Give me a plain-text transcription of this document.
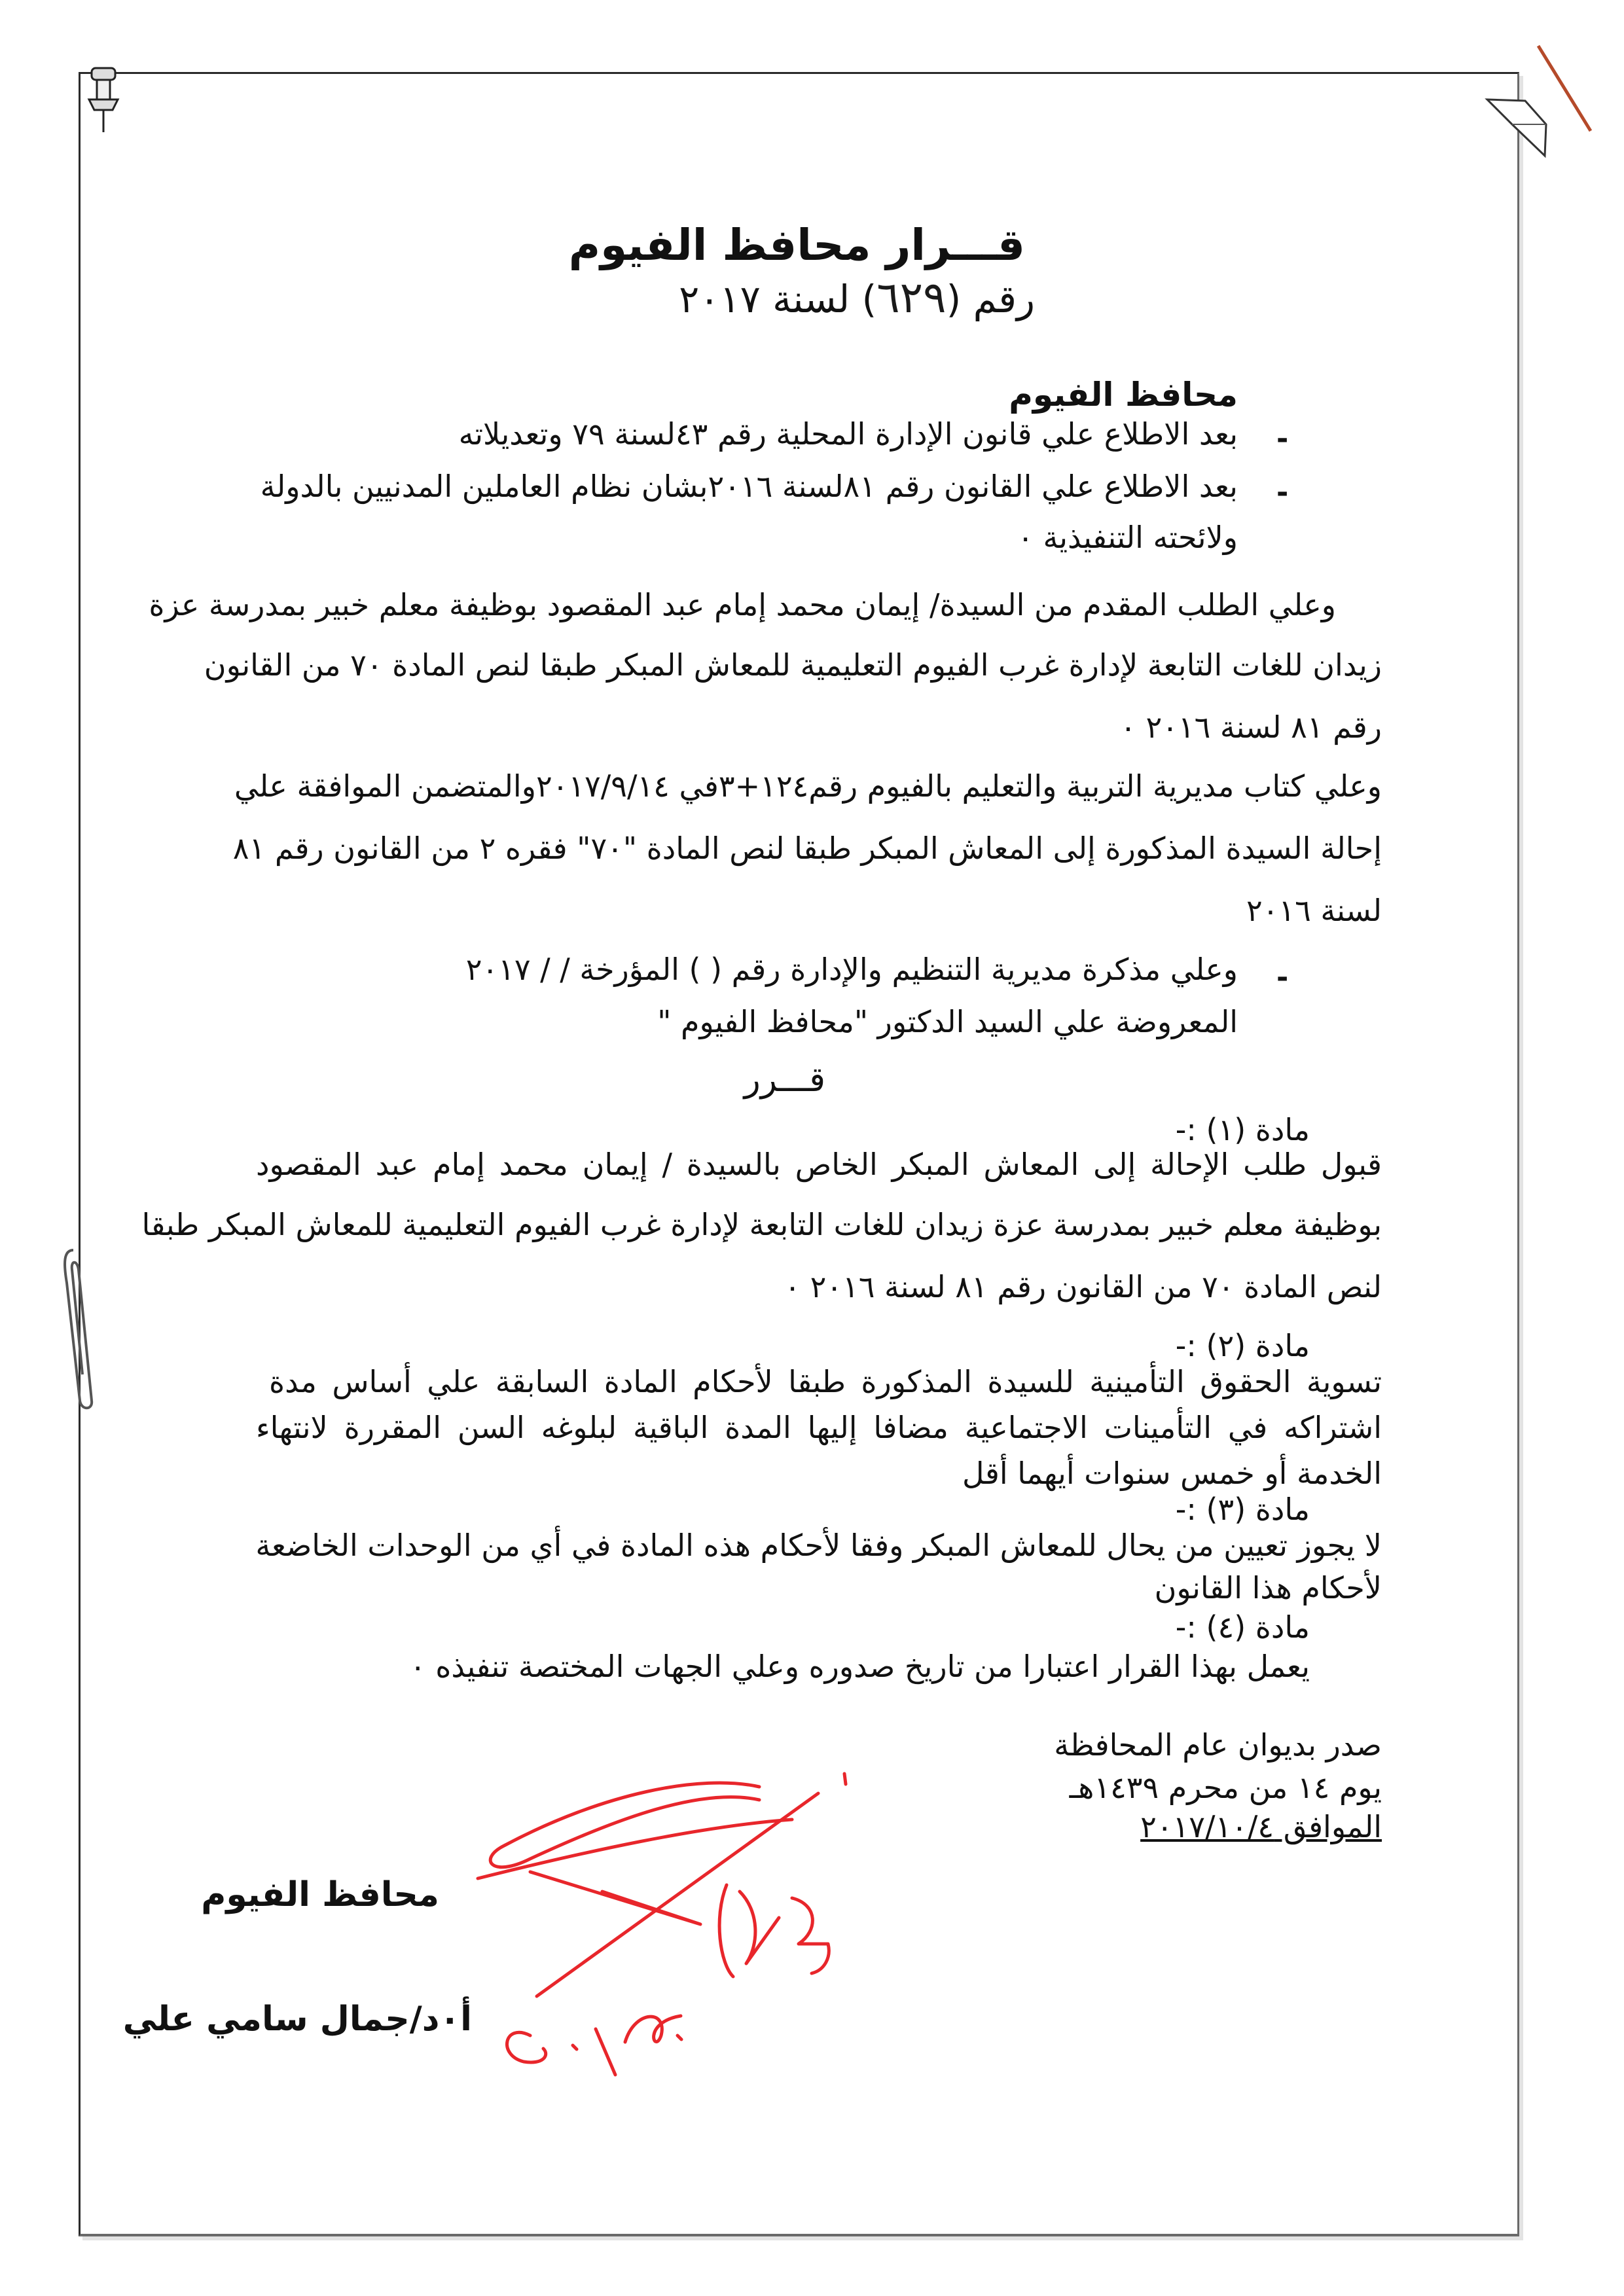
قـــرار محافظ الفيوم
رقم (٦٢٩) لسنة ٢٠١٧
محافظ الفيوم
-
بعد الاطلاع علي قانون الإدارة المحلية رقم ٤٣لسنة ٧٩ وتعديلاته
-
بعد الاطلاع علي القانون رقم ٨١لسنة ٢٠١٦بشان نظام العاملين المدنيين بالدولة
ولائحته التنفيذية ٠
وعلي الطلب المقدم من السيدة/ إيمان محمد إمام عبد المقصود بوظيفة معلم خبير بمدرسة عزة
زيدان للغات التابعة لإدارة غرب الفيوم التعليمية للمعاش المبكر طبقا لنص المادة ٧٠ من القانون
رقم ٨١ لسنة ٢٠١٦ ٠
وعلي كتاب مديرية التربية والتعليم بالفيوم رقم١٢٤+٣في ٢٠١٧/٩/١٤والمتضمن الموافقة علي
إحالة السيدة المذكورة إلى المعاش المبكر طبقا لنص المادة "٧٠" فقره ٢ من القانون رقم ٨١
لسنة ٢٠١٦
-
وعلي مذكرة مديرية التنظيم والإدارة رقم ( ) المؤرخة / / ٢٠١٧
المعروضة علي السيد الدكتور "محافظ الفيوم "
قـــرر
مادة (١) :-
قبول طلب الإحالة إلى المعاش المبكر الخاص بالسيدة / إيمان محمد إمام عبد المقصود
بوظيفة معلم خبير بمدرسة عزة زيدان للغات التابعة لإدارة غرب الفيوم التعليمية للمعاش المبكر طبقا
لنص المادة ٧٠ من القانون رقم ٨١ لسنة ٢٠١٦ ٠
مادة (٢) :-
تسوية الحقوق التأمينية للسيدة المذكورة طبقا لأحكام المادة السابقة علي أساس مدة
اشتراكه في التأمينات الاجتماعية مضافا إليها المدة الباقية لبلوغه السن المقررة لانتهاء
الخدمة أو خمس سنوات أيهما أقل
مادة (٣) :-
لا يجوز تعيين من يحال للمعاش المبكر وفقا لأحكام هذه المادة في أي من الوحدات الخاضعة
لأحكام هذا القانون
مادة (٤) :-
يعمل بهذا القرار اعتبارا من تاريخ صدوره وعلي الجهات المختصة تنفيذه ٠
صدر بديوان عام المحافظة
يوم ١٤ من محرم ١٤٣٩هـ
الموافق ٢٠١٧/١٠/٤
محافظ الفيوم
أ٠د/جمال سامي علي
